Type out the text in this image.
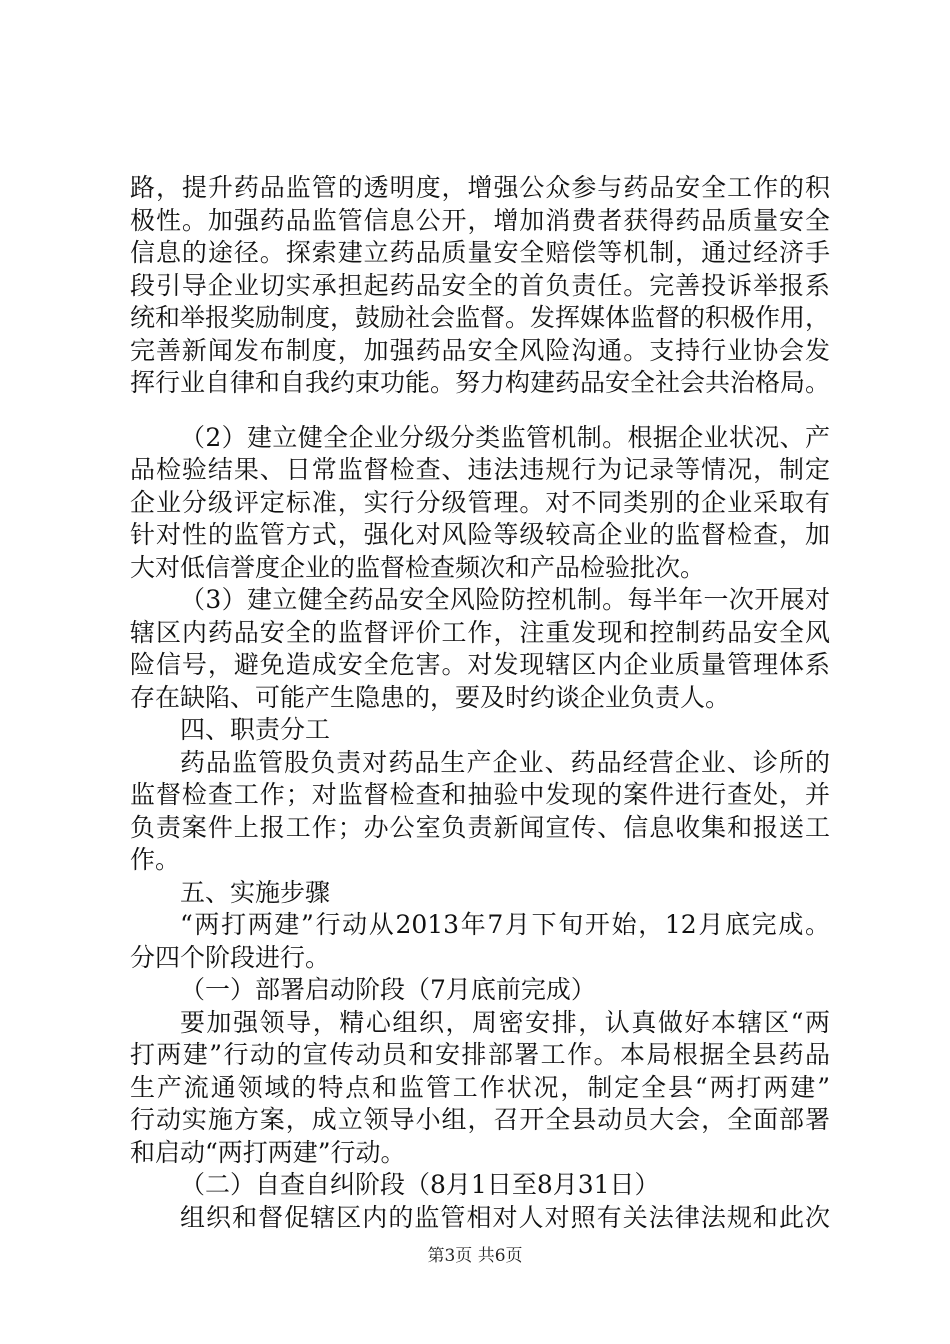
路，提升药品监管的透明度，增强公众参与药品安全工作的积
极性。加强药品监管信息公开，增加消费者获得药品质量安全
信息的途径。探索建立药品质量安全赔偿等机制，通过经济手
段引导企业切实承担起药品安全的首负责任。完善投诉举报系
统和举报奖励制度，鼓励社会监督。发挥媒体监督的积极作用，
完善新闻发布制度，加强药品安全风险沟通。支持行业协会发
挥行业自律和自我约束功能。努力构建药品安全社会共治格局。
（2）建立健全企业分级分类监管机制。根据企业状况、产
品检验结果、日常监督检查、违法违规行为记录等情况，制定
企业分级评定标准，实行分级管理。对不同类别的企业采取有
针对性的监管方式，强化对风险等级较高企业的监督检查，加
大对低信誉度企业的监督检查频次和产品检验批次。
（3）建立健全药品安全风险防控机制。每半年一次开展对
辖区内药品安全的监督评价工作，注重发现和控制药品安全风
险信号，避免造成安全危害。对发现辖区内企业质量管理体系
存在缺陷、可能产生隐患的，要及时约谈企业负责人。
四、职责分工
药品监管股负责对药品生产企业、药品经营企业、诊所的
监督检查工作；对监督检查和抽验中发现的案件进行查处，并
负责案件上报工作；办公室负责新闻宣传、信息收集和报送工
作。
五、实施步骤
“两打两建”行动从2013年7月下旬开始，12月底完成。
分四个阶段进行。
（一）部署启动阶段（7月底前完成）
要加强领导，精心组织，周密安排，认真做好本辖区“两
打两建”行动的宣传动员和安排部署工作。本局根据全县药品
生产流通领域的特点和监管工作状况，制定全县“两打两建”
行动实施方案，成立领导小组，召开全县动员大会，全面部署
和启动“两打两建”行动。
（二）自查自纠阶段（8月1日至8月31日）
组织和督促辖区内的监管相对人对照有关法律法规和此次
第3页 共6页
